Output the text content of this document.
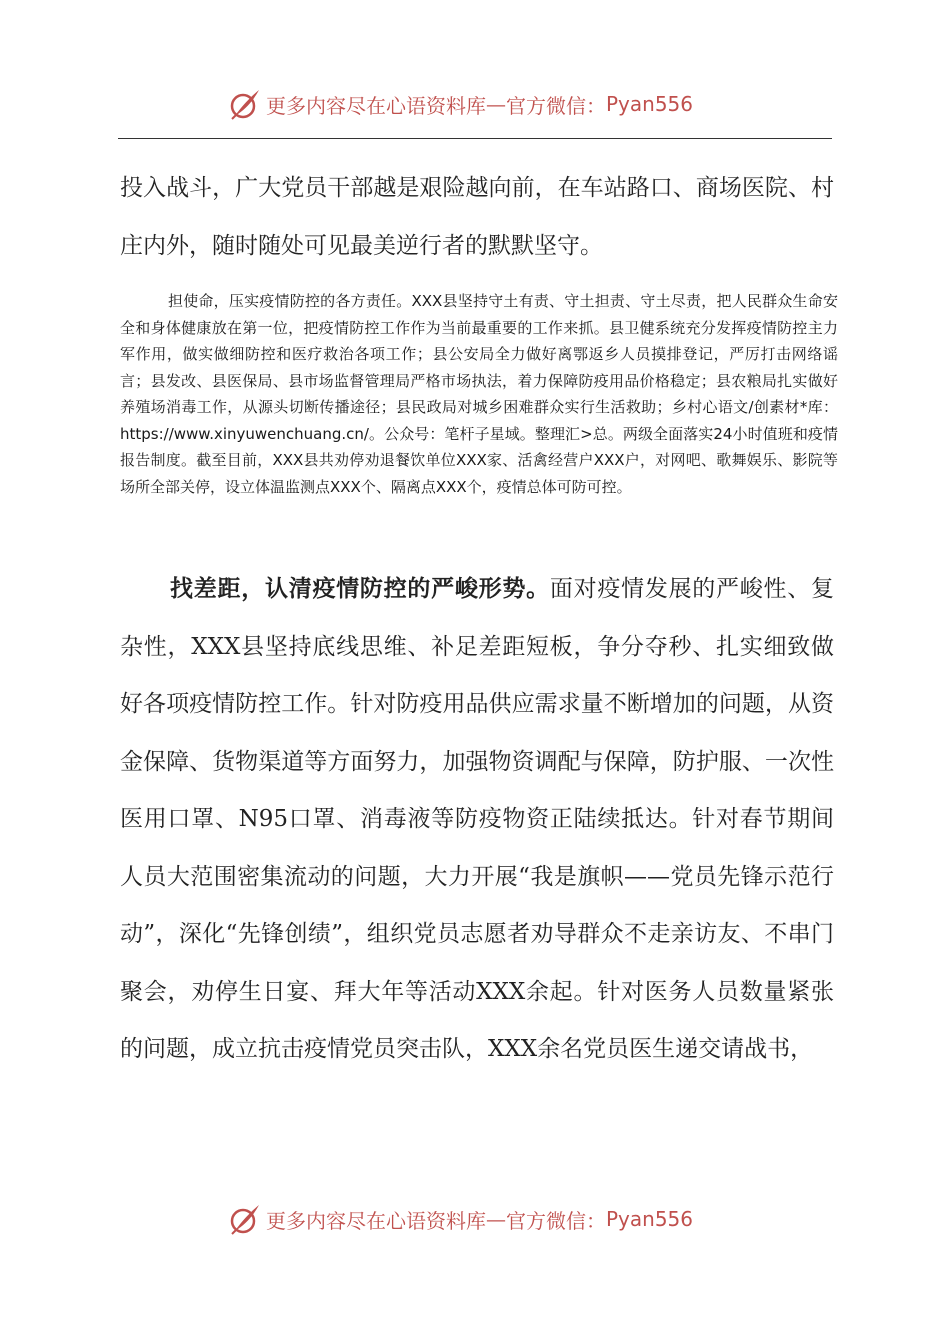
更多内容尽在心语资料库 — 官方微信： Pyan556

投入战斗，广大党员干部越是艰险越向前，在车站路口、商场医院、村庄内外，随时随处可见最美逆行者的默默坚守。

担使命，压实疫情防控的各方责任。XXX县坚持守土有责、守土担责、守土尽责，把人民群众生命安全和身体健康放在第一位，把疫情防控工作作为当前最重要的工作来抓。县卫健系统充分发挥疫情防控主力军作用，做实做细防控和医疗救治各项工作；县公安局全力做好离鄂返乡人员摸排登记，严厉打击网络谣言；县发改、县医保局、县市场监督管理局严格市场执法，着力保障防疫用品价格稳定；县农粮局扎实做好养殖场消毒工作，从源头切断传播途径；县民政局对城乡困难群众实行生活救助；乡村心语文/创素材*库：https://www.xinyuwenchuang.cn/。公众号：笔杆子星域。整理汇>总。两级全面落实24小时值班和疫情报告制度。截至目前，XXX县共劝停劝退餐饮单位XXX家、活禽经营户XXX户，对网吧、歌舞娱乐、影院等场所全部关停，设立体温监测点XXX个、隔离点XXX个，疫情总体可防可控。

找差距，认清疫情防控的严峻形势。面对疫情发展的严峻性、复杂性，XXX县坚持底线思维、补足差距短板，争分夺秒、扎实细致做好各项疫情防控工作。针对防疫用品供应需求量不断增加的问题，从资金保障、货物渠道等方面努力，加强物资调配与保障，防护服、一次性医用口罩、N95口罩、消毒液等防疫物资正陆续抵达。针对春节期间人员大范围密集流动的问题，大力开展“我是旗帜——党员先锋示范行动”，深化“先锋创绩”，组织党员志愿者劝导群众不走亲访友、不串门聚会，劝停生日宴、拜大年等活动XXX余起。针对医务人员数量紧张的问题，成立抗击疫情党员突击队，XXX余名党员医生递交请战书，

更多内容尽在心语资料库 — 官方微信： Pyan556
